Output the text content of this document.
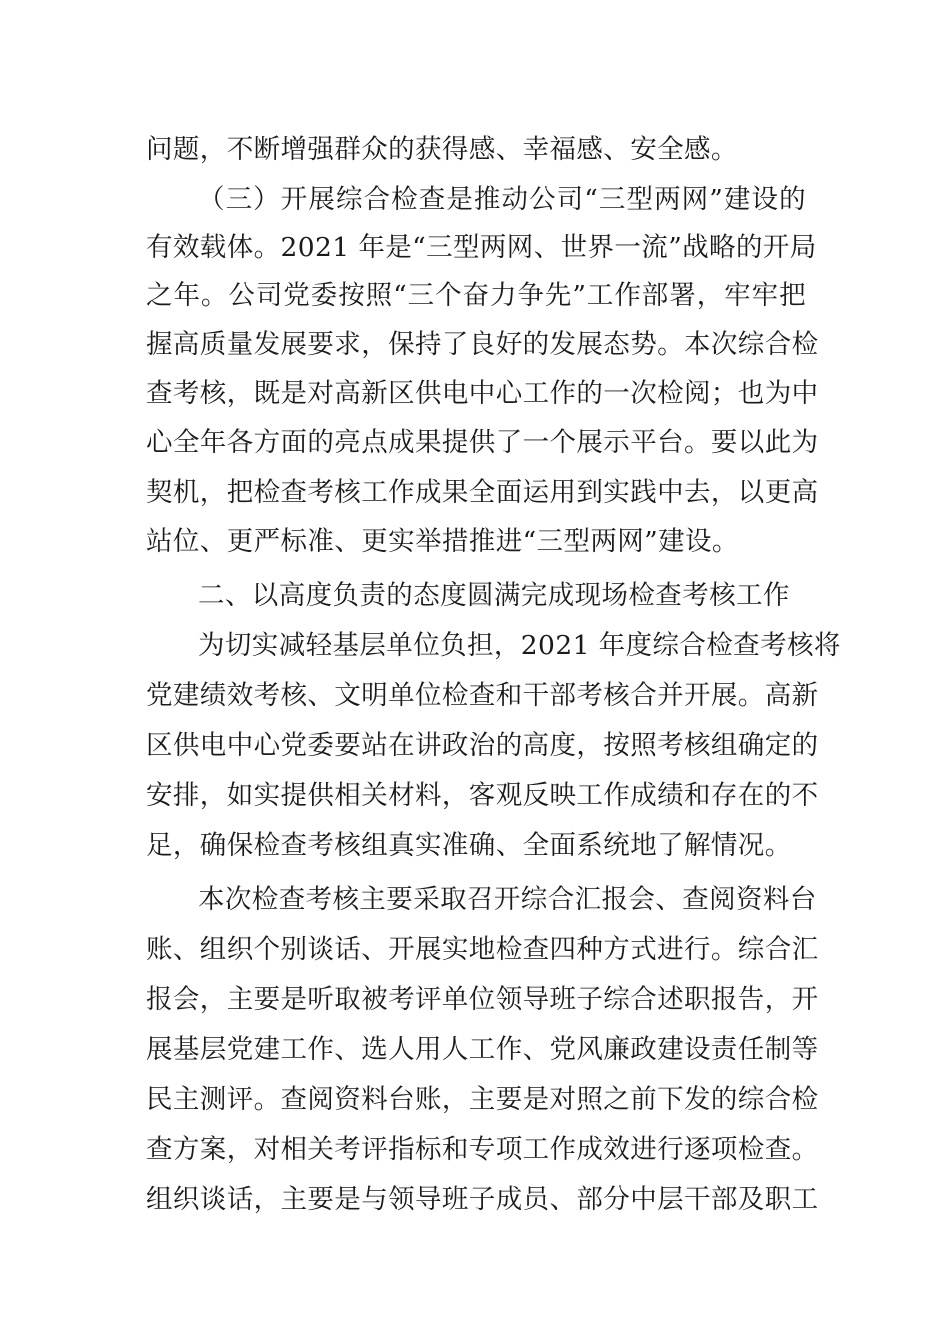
问题，不断增强群众的获得感、幸福感、安全感。
（三）开展综合检查是推动公司“三型两网”建设的
有效载体。2021 年是“三型两网、世界一流”战略的开局
之年。公司党委按照“三个奋力争先”工作部署，牢牢把
握高质量发展要求，保持了良好的发展态势。本次综合检
查考核，既是对高新区供电中心工作的一次检阅；也为中
心全年各方面的亮点成果提供了一个展示平台。要以此为
契机，把检查考核工作成果全面运用到实践中去，以更高
站位、更严标准、更实举措推进“三型两网”建设。
二、以高度负责的态度圆满完成现场检查考核工作
为切实减轻基层单位负担，2021 年度综合检查考核将
党建绩效考核、文明单位检查和干部考核合并开展。高新
区供电中心党委要站在讲政治的高度，按照考核组确定的
安排，如实提供相关材料，客观反映工作成绩和存在的不
足，确保检查考核组真实准确、全面系统地了解情况。
本次检查考核主要采取召开综合汇报会、查阅资料台
账、组织个别谈话、开展实地检查四种方式进行。综合汇
报会，主要是听取被考评单位领导班子综合述职报告，开
展基层党建工作、选人用人工作、党风廉政建设责任制等
民主测评。查阅资料台账，主要是对照之前下发的综合检
查方案，对相关考评指标和专项工作成效进行逐项检查。
组织谈话，主要是与领导班子成员、部分中层干部及职工
